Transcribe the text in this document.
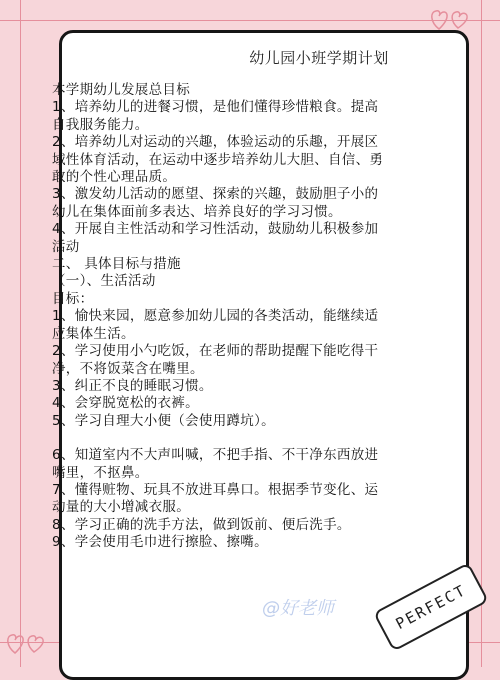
幼儿园小班学期计划

本学期幼儿发展总目标

1、培养幼儿的进餐习惯，是他们懂得珍惜粮食。提高自我服务能力。

2、培养幼儿对运动的兴趣，体验运动的乐趣，开展区域性体育活动，在运动中逐步培养幼儿大胆、自信、勇敢的个性心理品质。

3、激发幼儿活动的愿望、探索的兴趣，鼓励胆子小的幼儿在集体面前多表达、培养良好的学习习惯。

4、开展自主性活动和学习性活动，鼓励幼儿积极参加活动

二、 具体目标与措施

（一）、生活活动

目标：

1、愉快来园，愿意参加幼儿园的各类活动，能继续适应集体生活。

2、学习使用小勺吃饭，在老师的帮助提醒下能吃得干净，不将饭菜含在嘴里。

3、纠正不良的睡眠习惯。

4、会穿脱宽松的衣裤。

5、学习自理大小便（会使用蹲坑）。

6、知道室内不大声叫喊，不把手指、不干净东西放进嘴里，不抠鼻。

7、懂得赃物、玩具不放进耳鼻口。根据季节变化、运动量的大小增减衣服。

8、学习正确的洗手方法，做到饭前、便后洗手。

9、学会使用毛巾进行擦脸、擦嘴。

@好老师	PERFECT
